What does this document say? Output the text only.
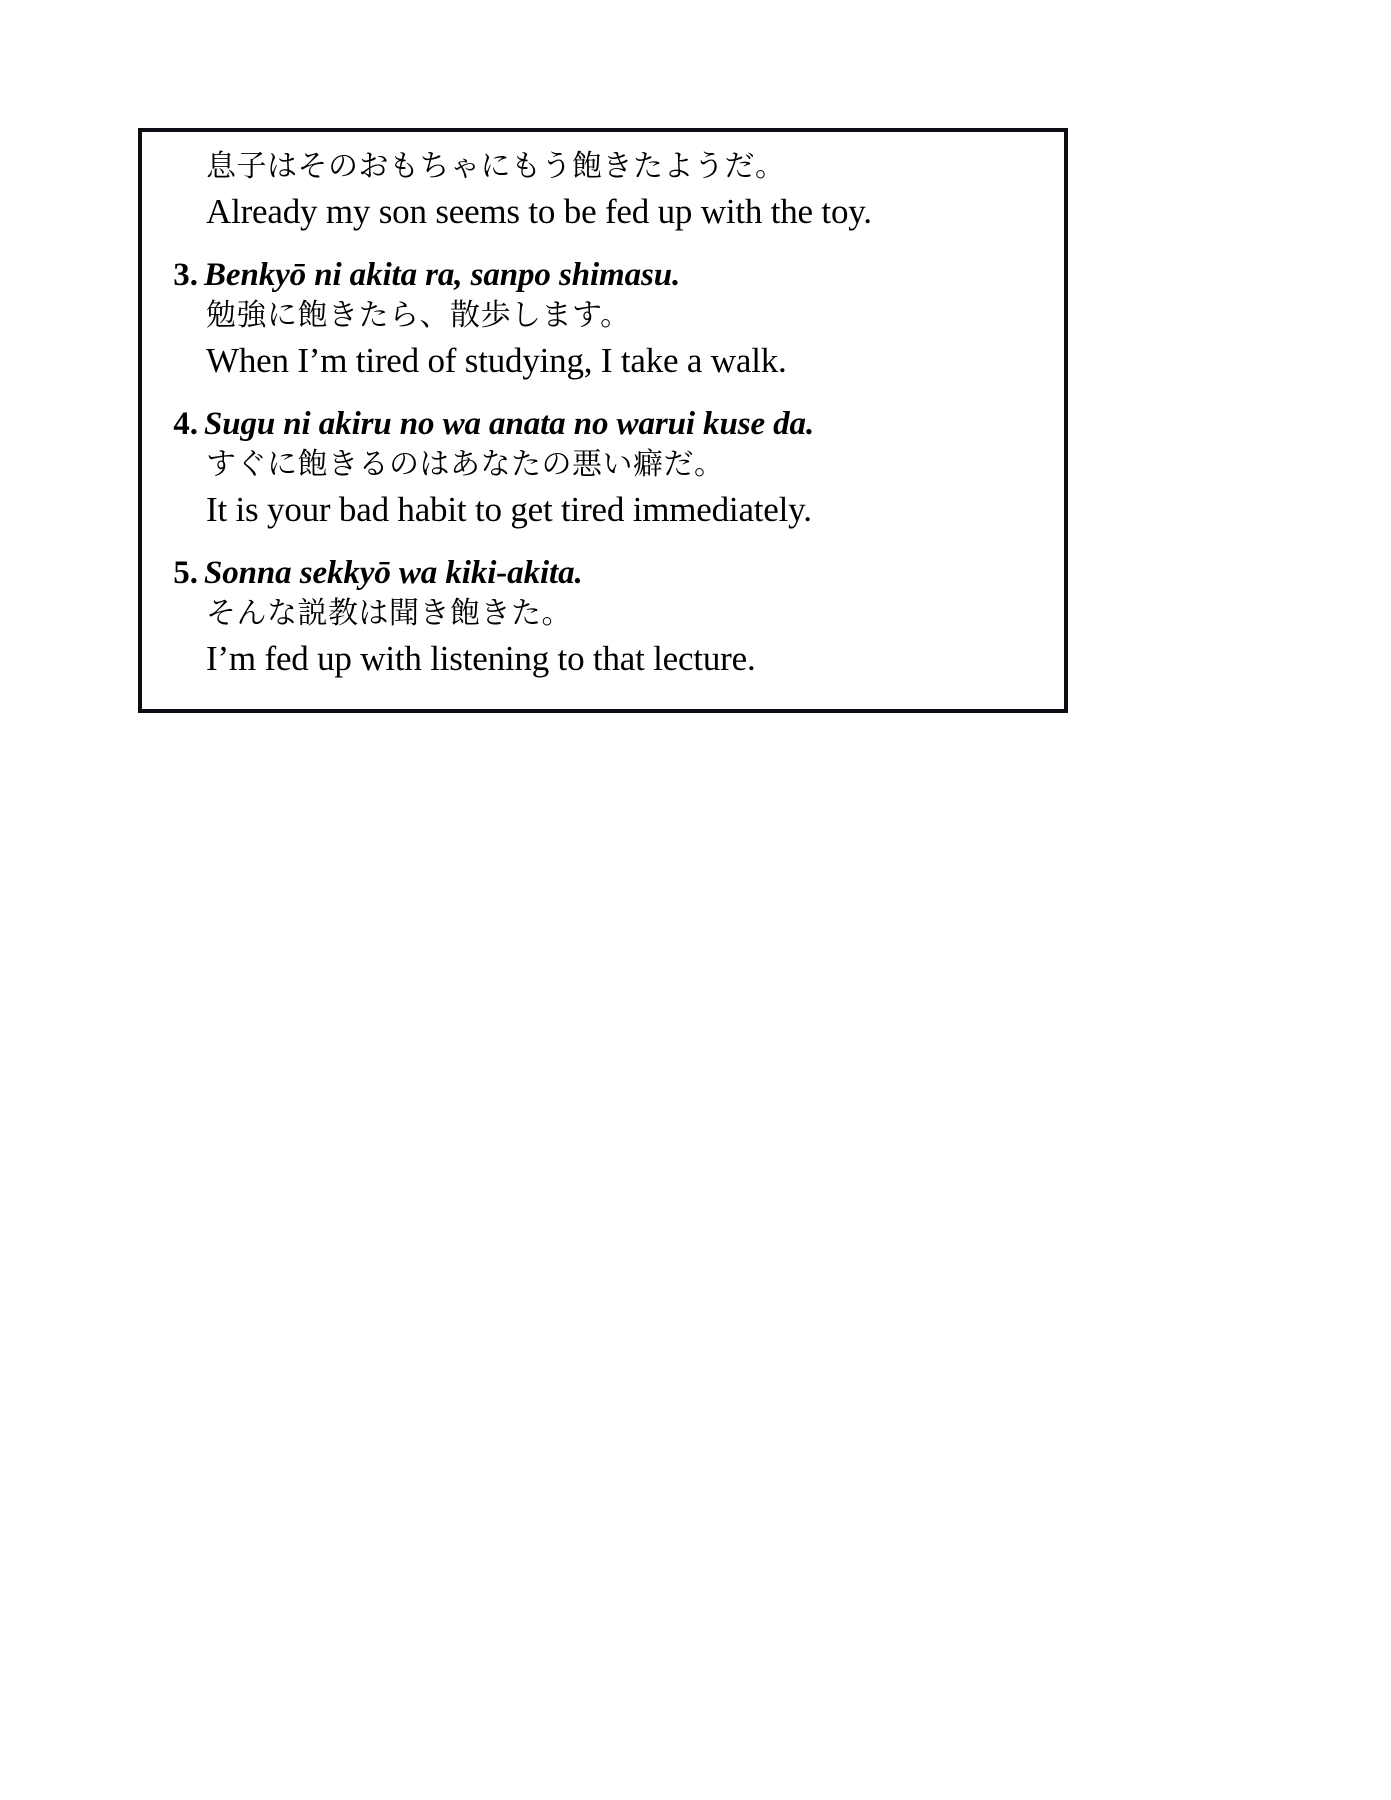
息子はそのおもちゃにもう飽きたようだ。
Already my son seems to be fed up with the toy.
3. Benkyō ni akita ra, sanpo shimasu.
勉強に飽きたら、散歩します。
When I’m tired of studying, I take a walk.
4. Sugu ni akiru no wa anata no warui kuse da.
すぐに飽きるのはあなたの悪い癖だ。
It is your bad habit to get tired immediately.
5. Sonna sekkyō wa kiki-akita.
そんな説教は聞き飽きた。
I’m fed up with listening to that lecture.
